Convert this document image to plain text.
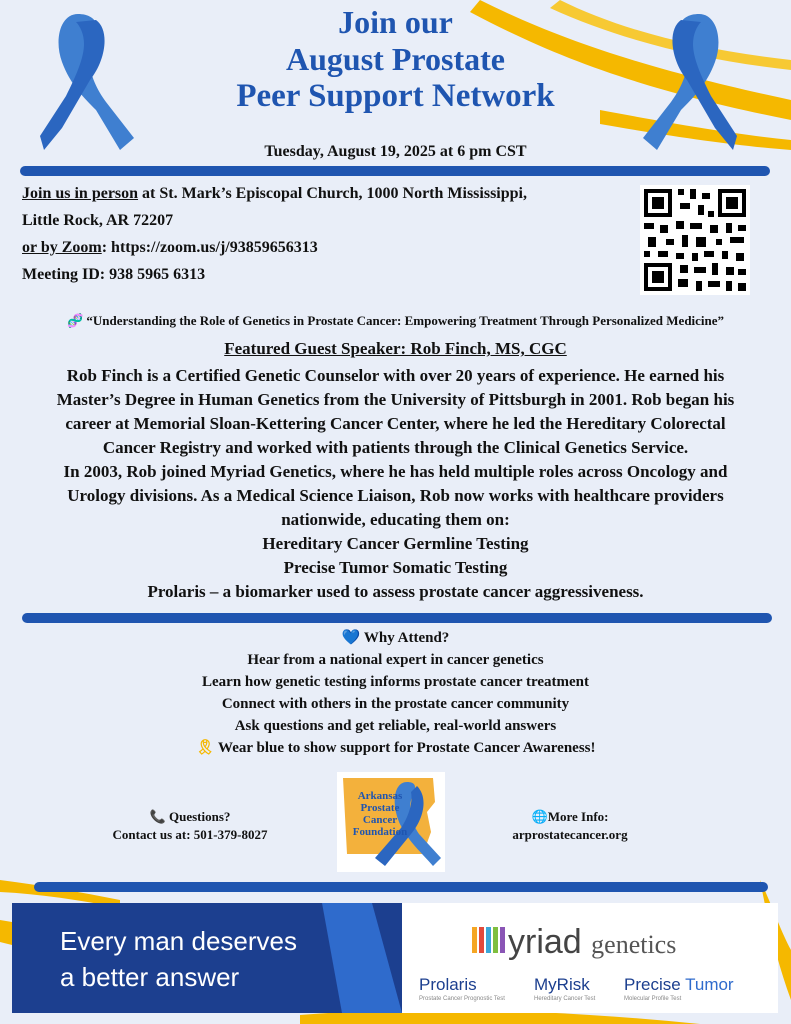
Join our
August Prostate
Peer Support Network
Tuesday, August 19, 2025 at 6 pm CST
Join us in person at St. Mark’s Episcopal Church, 1000 North Mississippi,
Little Rock, AR 72207
or by Zoom: https://zoom.us/j/93859656313
Meeting ID: 938 5965 6313
🧬 “Understanding the Role of Genetics in Prostate Cancer: Empowering Treatment Through Personalized Medicine”
Featured Guest Speaker: Rob Finch, MS, CGC
Rob Finch is a Certified Genetic Counselor with over 20 years of experience. He earned his
Master’s Degree in Human Genetics from the University of Pittsburgh in 2001. Rob began his
career at Memorial Sloan-Kettering Cancer Center, where he led the Hereditary Colorectal
Cancer Registry and worked with patients through the Clinical Genetics Service.
In 2003, Rob joined Myriad Genetics, where he has held multiple roles across Oncology and
Urology divisions. As a Medical Science Liaison, Rob now works with healthcare providers
nationwide, educating them on:
Hereditary Cancer Germline Testing
Precise Tumor Somatic Testing
Prolaris – a biomarker used to assess prostate cancer aggressiveness.
💙 Why Attend?
Hear from a national expert in cancer genetics
Learn how genetic testing informs prostate cancer treatment
Connect with others in the prostate cancer community
Ask questions and get reliable, real-world answers
🎗 Wear blue to show support for Prostate Cancer Awareness!
📞 Questions?
Contact us at: 501-379-8027
Arkansas
Prostate
Cancer
Foundation
🌐More Info:
arprostatecancer.org
Every man deserves
a better answer
yriad genetics
Prolaris
Prostate Cancer Prognostic Test
MyRisk
Hereditary Cancer Test
Precise Tumor
Molecular Profile Test
